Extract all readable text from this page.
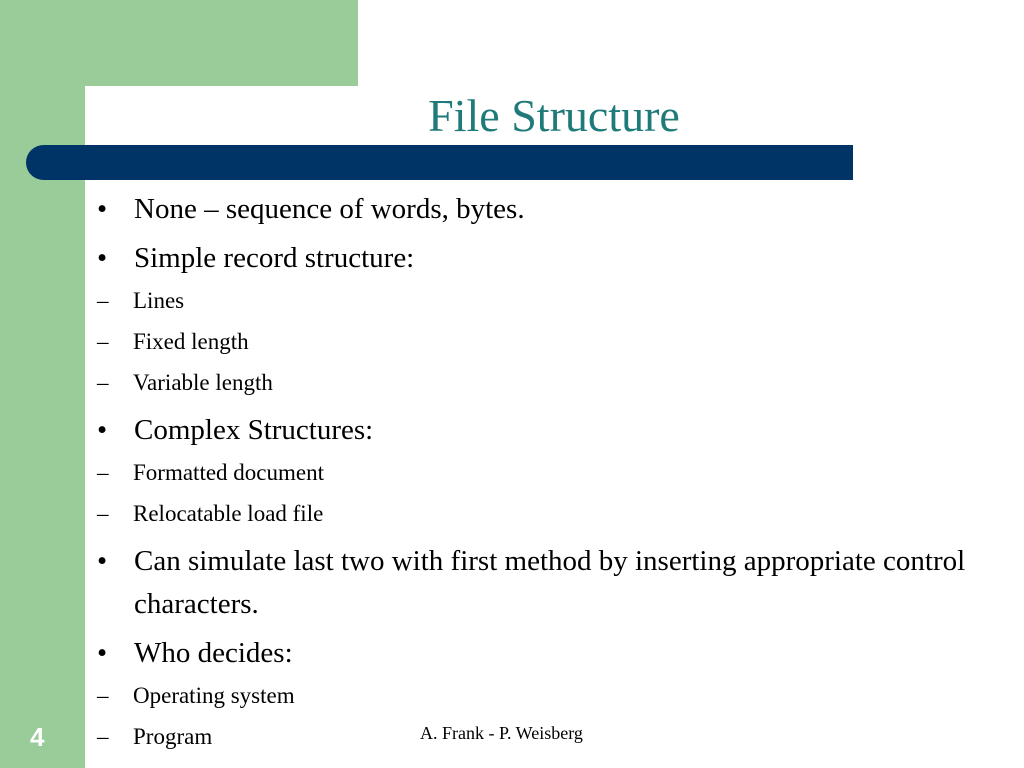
File Structure
• None – sequence of words, bytes.
• Simple record structure:
–	Lines
–	Fixed length
–	Variable length
• Complex Structures:
–	Formatted document
–	Relocatable load file
• Can simulate last two with first method by inserting appropriate control characters.
• Who decides:
–	Operating system
–	Program
4	A. Frank - P. Weisberg
